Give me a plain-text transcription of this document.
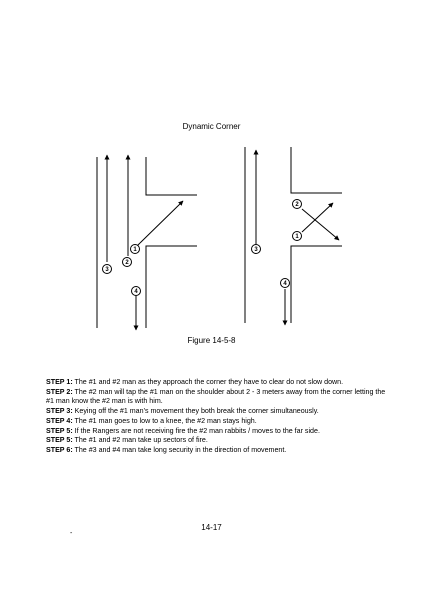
Dynamic Corner
1
2
3
4
2
1
3
4
Figure 14-5-8

STEP 1: The #1 and #2 man as they approach the corner they have to clear do not slow down.

STEP 2: The #2 man will tap the #1 man on the shoulder about 2 - 3 meters away from the corner letting the #1 man know the #2 man is with him.

STEP 3: Keying off the #1 man’s movement they both break the corner simultaneously.

STEP 4: The #1 man goes to low to a knee, the #2 man stays high.

STEP 5: If the Rangers are not receiving fire the #2 man rabbits / moves to the far side.

STEP 5: The #1 and #2 man take up sectors of fire.

STEP 6: The #3 and #4 man take long security in the direction of movement.

14-17
-
